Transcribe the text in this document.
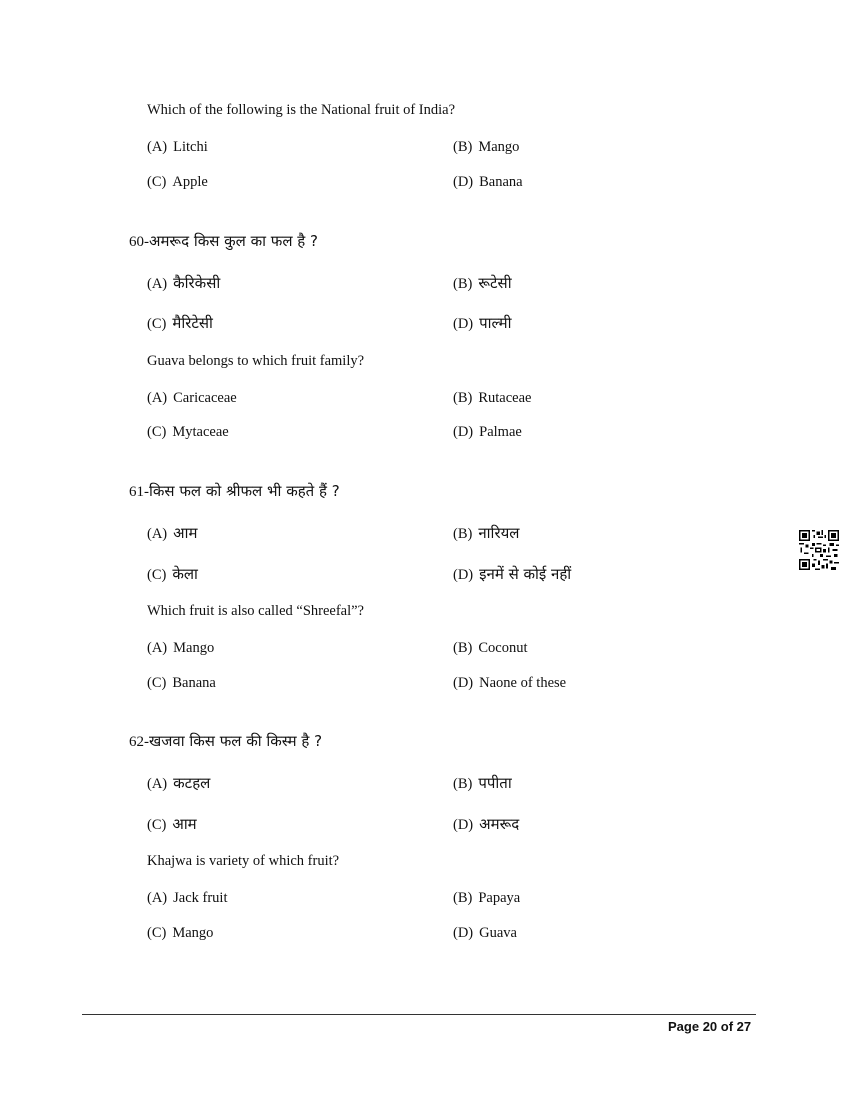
Which of the following is the National fruit of India?
(A) Litchi	(B) Mango
(C) Apple	(D) Banana
60-अमरूद किस कुल का फल है ?
(A) कैरिकेसी	(B) रूटेसी
(C) मैरिटेसी	(D) पाल्मी
Guava belongs to which fruit family?
(A) Caricaceae	(B) Rutaceae
(C) Mytaceae	(D) Palmae
61-किस फल को श्रीफल भी कहते हैं ?
(A) आम	(B) नारियल
(C) केला	(D) इनमें से कोई नहीं
Which fruit is also called “Shreefal”?
(A) Mango	(B) Coconut
(C) Banana	(D) Naone of these
62-खजवा किस फल की किस्म है ?
(A) कटहल	(B) पपीता
(C) आम	(D) अमरूद
Khajwa is variety of which fruit?
(A) Jack fruit	(B) Papaya
(C) Mango	(D) Guava
Page 20 of 27
